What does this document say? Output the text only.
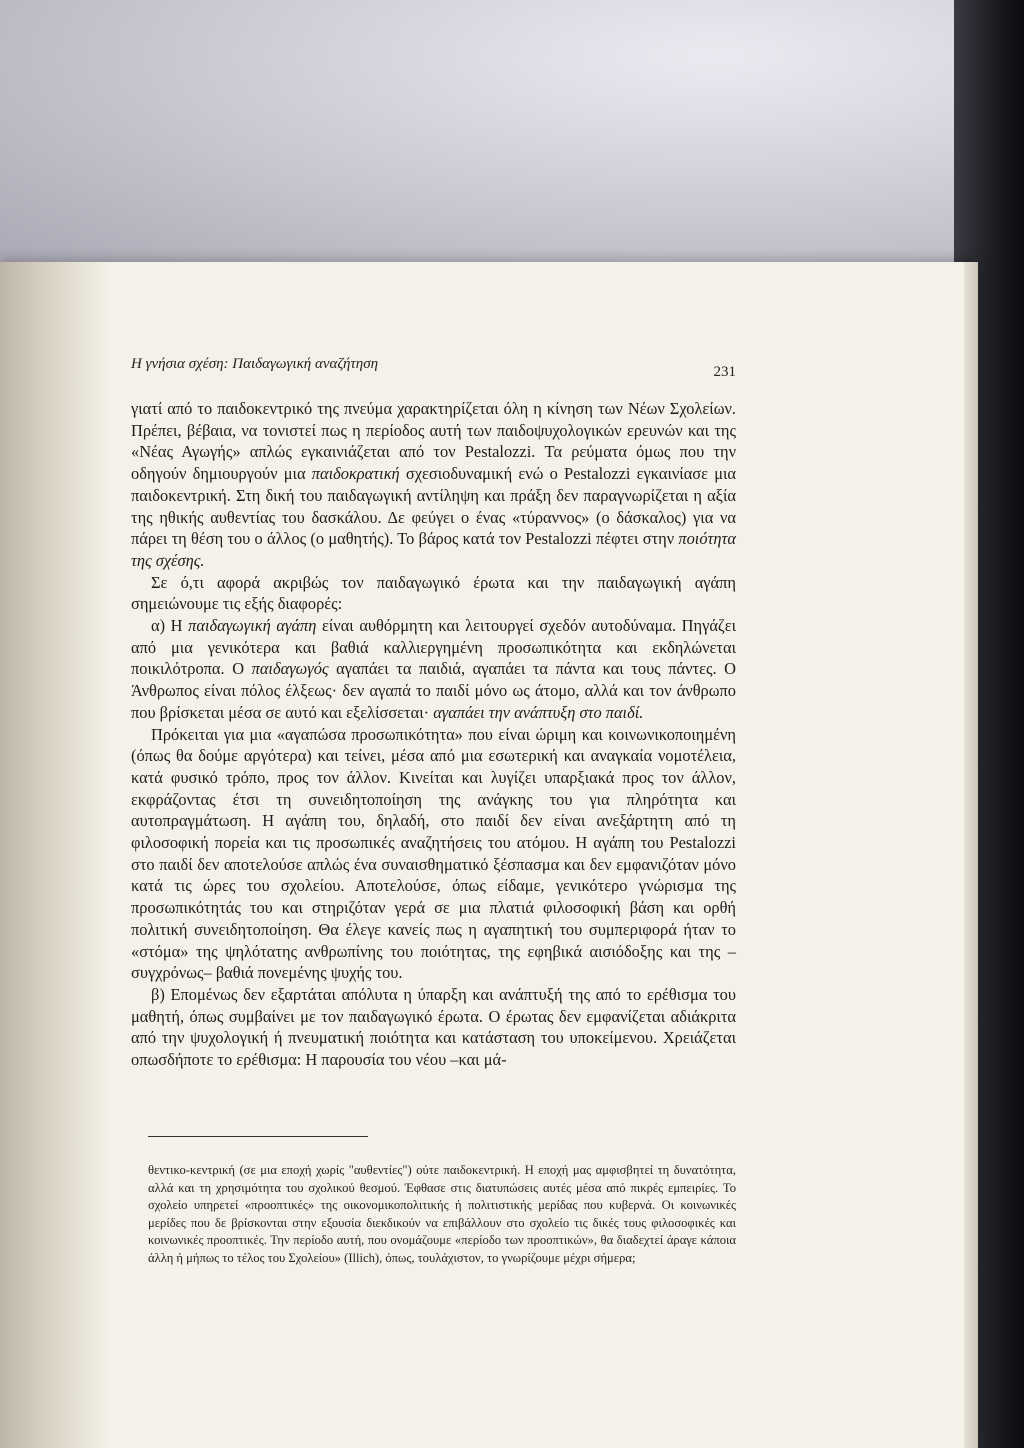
Η γνήσια σχέση: Παιδαγωγική αναζήτηση	231

γιατί από το παιδοκεντρικό της πνεύμα χαρακτηρίζεται όλη η κίνηση των Νέων Σχολείων. Πρέπει, βέβαια, να τονιστεί πως η περίοδος αυτή των παιδοψυχολογικών ερευνών και της «Νέας Αγωγής» απλώς εγκαινιάζεται από τον Pestalozzi. Τα ρεύματα όμως που την οδηγούν δημιουργούν μια παιδοκρατική σχεσιοδυναμική ενώ ο Pestalozzi εγκαινίασε μια παιδοκεντρική. Στη δική του παιδαγωγική αντίληψη και πράξη δεν παραγνωρίζεται η αξία της ηθικής αυθεντίας του δασκάλου. Δε φεύγει ο ένας «τύραννος» (ο δάσκαλος) για να πάρει τη θέση του ο άλλος (ο μαθητής). Το βάρος κατά τον Pestalozzi πέφτει στην ποιότητα της σχέσης.

Σε ό,τι αφορά ακριβώς τον παιδαγωγικό έρωτα και την παιδαγωγική αγάπη σημειώνουμε τις εξής διαφορές:

α) Η παιδαγωγική αγάπη είναι αυθόρμητη και λειτουργεί σχεδόν αυτοδύναμα. Πηγάζει από μια γενικότερα και βαθιά καλλιεργημένη προσωπικότητα και εκδηλώνεται ποικιλότροπα. Ο παιδαγωγός αγαπάει τα παιδιά, αγαπάει τα πάντα και τους πάντες. Ο Άνθρωπος είναι πόλος έλξεως· δεν αγαπά το παιδί μόνο ως άτομο, αλλά και τον άνθρωπο που βρίσκεται μέσα σε αυτό και εξελίσσεται· αγαπάει την ανάπτυξη στο παιδί.

Πρόκειται για μια «αγαπώσα προσωπικότητα» που είναι ώριμη και κοινωνικοποιημένη (όπως θα δούμε αργότερα) και τείνει, μέσα από μια εσωτερική και αναγκαία νομοτέλεια, κατά φυσικό τρόπο, προς τον άλλον. Κινείται και λυγίζει υπαρξιακά προς τον άλλον, εκφράζοντας έτσι τη συνειδητοποίηση της ανάγκης του για πληρότητα και αυτοπραγμάτωση. Η αγάπη του, δηλαδή, στο παιδί δεν είναι ανεξάρτητη από τη φιλοσοφική πορεία και τις προσωπικές αναζητήσεις του ατόμου. Η αγάπη του Pestalozzi στο παιδί δεν αποτελούσε απλώς ένα συναισθηματικό ξέσπασμα και δεν εμφανιζόταν μόνο κατά τις ώρες του σχολείου. Αποτελούσε, όπως είδαμε, γενικότερο γνώρισμα της προσωπικότητάς του και στηριζόταν γερά σε μια πλατιά φιλοσοφική βάση και ορθή πολιτική συνειδητοποίηση. Θα έλεγε κανείς πως η αγαπητική του συμπεριφορά ήταν το «στόμα» της ψηλότατης ανθρωπίνης του ποιότητας, της εφηβικά αισιόδοξης και της –συγχρόνως– βαθιά πονεμένης ψυχής του.

β) Επομένως δεν εξαρτάται απόλυτα η ύπαρξη και ανάπτυξή της από το ερέθισμα του μαθητή, όπως συμβαίνει με τον παιδαγωγικό έρωτα. Ο έρωτας δεν εμφανίζεται αδιάκριτα από την ψυχολογική ή πνευματική ποιότητα και κατάσταση του υποκείμενου. Χρειάζεται οπωσδήποτε το ερέθισμα: Η παρουσία του νέου –και μά-

θεντικο-κεντρική (σε μια εποχή χωρίς "αυθεντίες") ούτε παιδοκεντρική. Η εποχή μας αμφισβητεί τη δυνατότητα, αλλά και τη χρησιμότητα του σχολικού θεσμού. Έφθασε στις διατυπώσεις αυτές μέσα από πικρές εμπειρίες. Το σχολείο υπηρετεί «προοπτικές» της οικονομικοπολιτικής ή πολιτιστικής μερίδας που κυβερνά. Οι κοινωνικές μερίδες που δε βρίσκονται στην εξουσία διεκδικούν να επιβάλλουν στο σχολείο τις δικές τους φιλοσοφικές και κοινωνικές προοπτικές. Την περίοδο αυτή, που ονομάζουμε «περίοδο των προοπτικών», θα διαδεχτεί άραγε κάποια άλλη ή μήπως το τέλος του Σχολείου» (Illich), όπως, τουλάχιστον, το γνωρίζουμε μέχρι σήμερα;
